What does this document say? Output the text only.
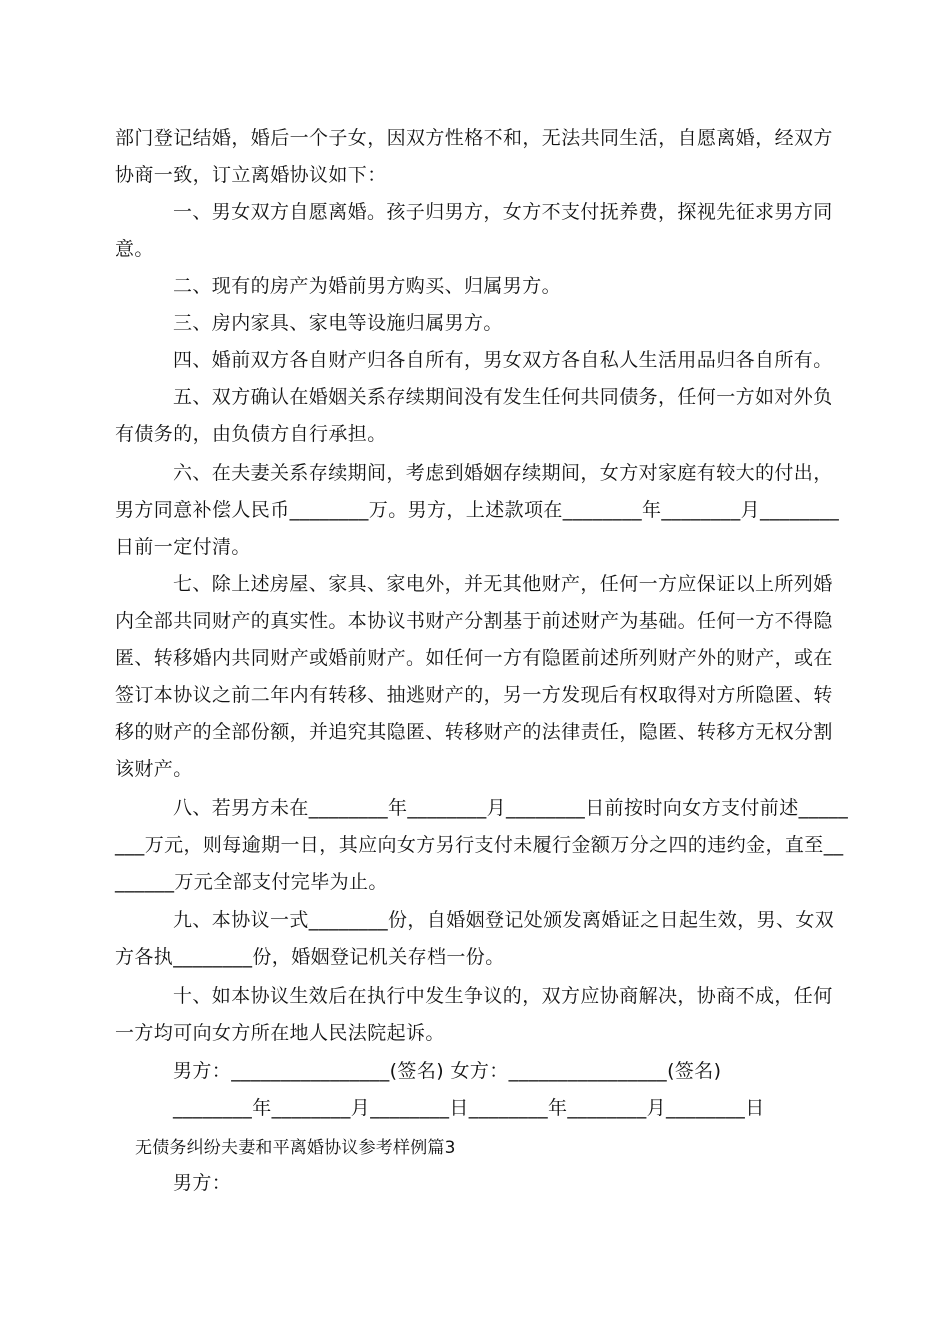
部门登记结婚，婚后一个子女，因双方性格不和，无法共同生活，自愿离婚，经双方
协商一致，订立离婚协议如下：
一、男女双方自愿离婚。孩子归男方，女方不支付抚养费，探视先征求男方同
意。
二、现有的房产为婚前男方购买、归属男方。
三、房内家具、家电等设施归属男方。
四、婚前双方各自财产归各自所有，男女双方各自私人生活用品归各自所有。
五、双方确认在婚姻关系存续期间没有发生任何共同债务，任何一方如对外负
有债务的，由负债方自行承担。
六、在夫妻关系存续期间，考虑到婚姻存续期间，女方对家庭有较大的付出，
男方同意补偿人民币________万。男方，上述款项在________年________月________
日前一定付清。
七、除上述房屋、家具、家电外，并无其他财产，任何一方应保证以上所列婚
内全部共同财产的真实性。本协议书财产分割基于前述财产为基础。任何一方不得隐
匿、转移婚内共同财产或婚前财产。如任何一方有隐匿前述所列财产外的财产，或在
签订本协议之前二年内有转移、抽逃财产的，另一方发现后有权取得对方所隐匿、转
移的财产的全部份额，并追究其隐匿、转移财产的法律责任，隐匿、转移方无权分割
该财产。
八、若男方未在________年________月________日前按时向女方支付前述_____
___万元，则每逾期一日，其应向女方另行支付未履行金额万分之四的违约金，直至__
______万元全部支付完毕为止。
九、本协议一式________份，自婚姻登记处颁发离婚证之日起生效，男、女双
方各执________份，婚姻登记机关存档一份。
十、如本协议生效后在执行中发生争议的，双方应协商解决，协商不成，任何
一方均可向女方所在地人民法院起诉。
男方：________________(签名) 女方：________________(签名)
________年________月________日________年________月________日
无债务纠纷夫妻和平离婚协议参考样例篇3
男方：
